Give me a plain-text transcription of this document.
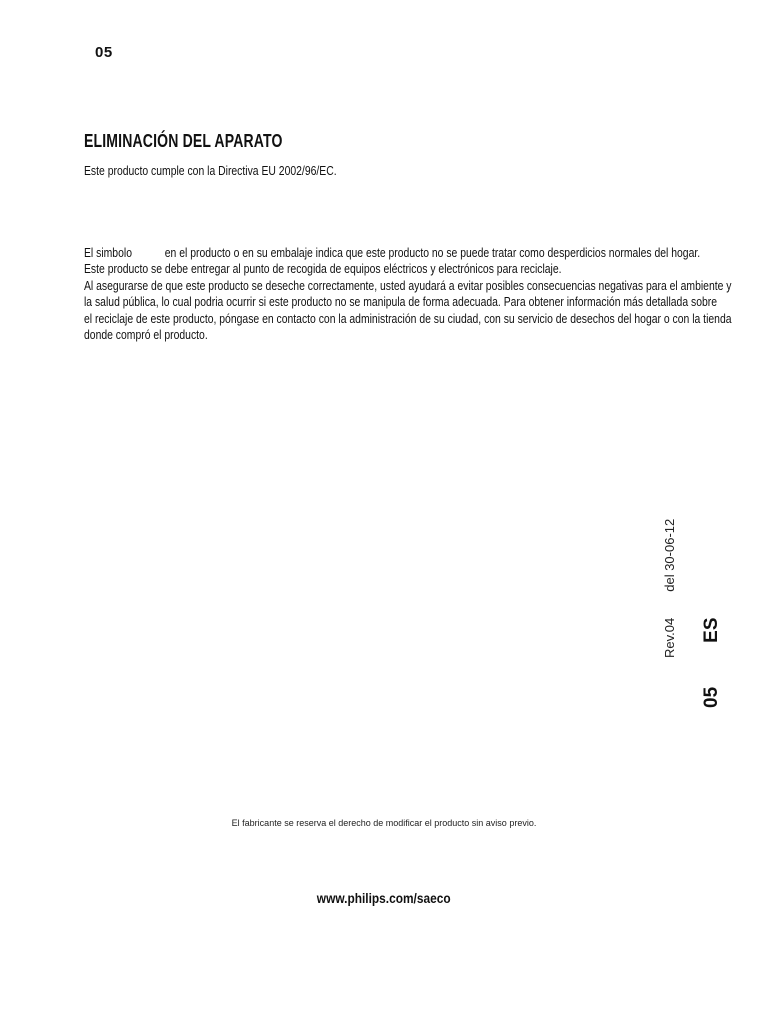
05
ELIMINACIÓN DEL APARATO
Este producto cumple con la Directiva EU 2002/96/EC.
El simbolo	en el producto o en su embalaje indica que este producto no se puede tratar como desperdicios normales del hogar.
Este producto se debe entregar al punto de recogida de equipos eléctricos y electrónicos para reciclaje.
Al asegurarse de que este producto se deseche correctamente, usted ayudará a evitar posibles consecuencias negativas para el ambiente y
la salud pública, lo cual podria ocurrir si este producto no se manipula de forma adecuada. Para obtener información más detallada sobre
el reciclaje de este producto, póngase en contacto con la administración de su ciudad, con su servicio de desechos del hogar o con la tienda
donde compró el producto.
Rev.04del 30-06-12
05ES
El fabricante se reserva el derecho de modificar el producto sin aviso previo.
www.philips.com/saeco
